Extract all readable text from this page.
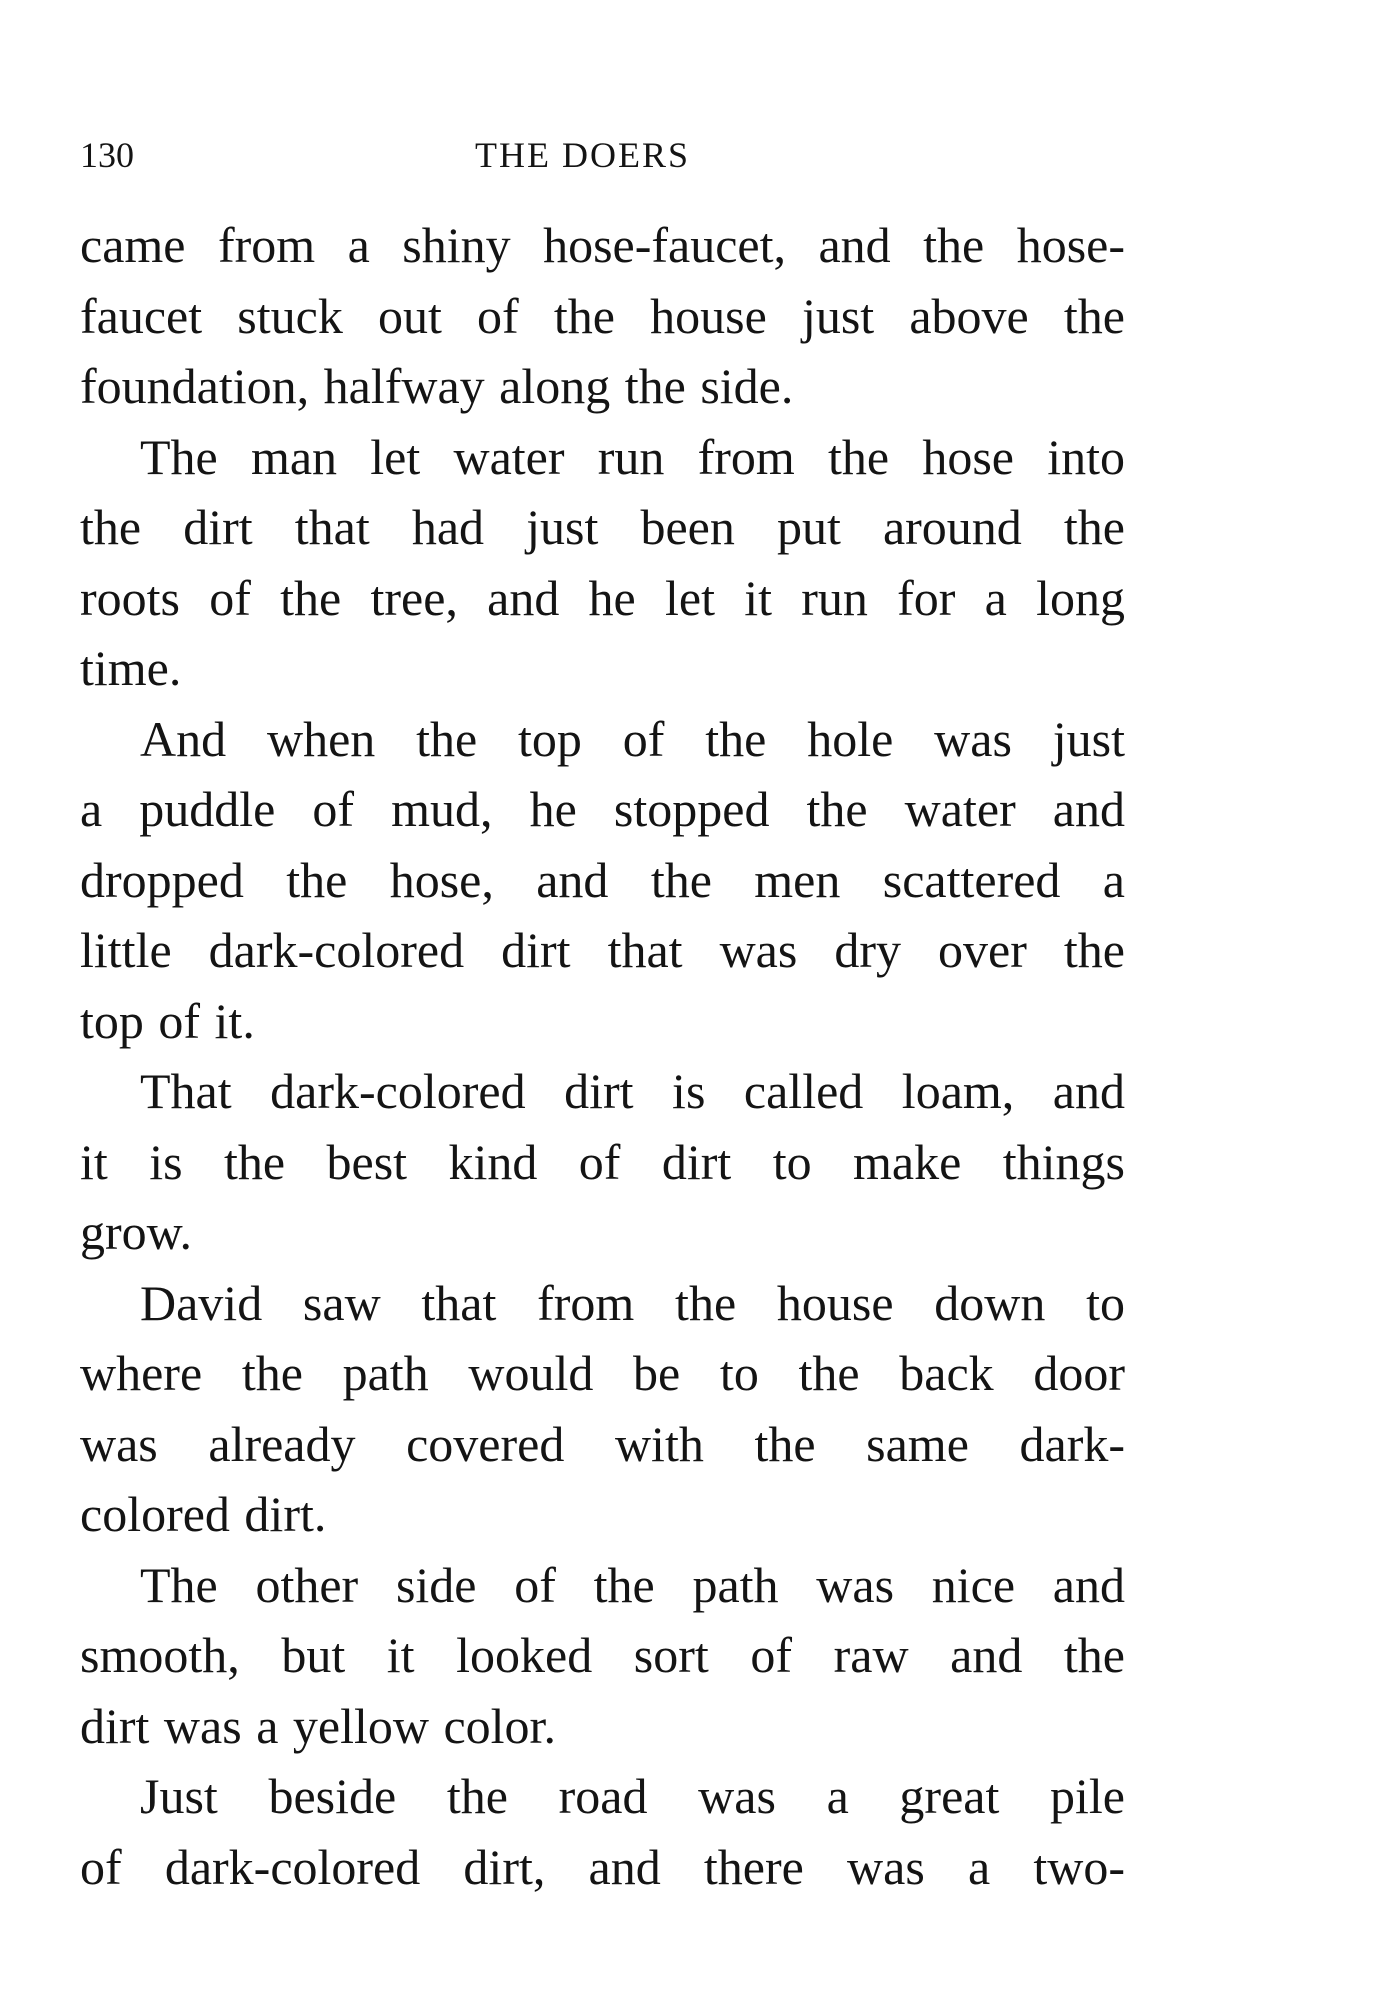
130	THE DOERS

came from a shiny hose-faucet, and the hose-
faucet stuck out of the house just above the
foundation, halfway along the side.

The man let water run from the hose into
the dirt that had just been put around the
roots of the tree, and he let it run for a long
time.

And when the top of the hole was just
a puddle of mud, he stopped the water and
dropped the hose, and the men scattered a
little dark-colored dirt that was dry over the
top of it.

That dark-colored dirt is called loam, and
it is the best kind of dirt to make things
grow.

David saw that from the house down to
where the path would be to the back door
was already covered with the same dark-
colored dirt.

The other side of the path was nice and
smooth, but it looked sort of raw and the
dirt was a yellow color.

Just beside the road was a great pile
of dark-colored dirt, and there was a two-
